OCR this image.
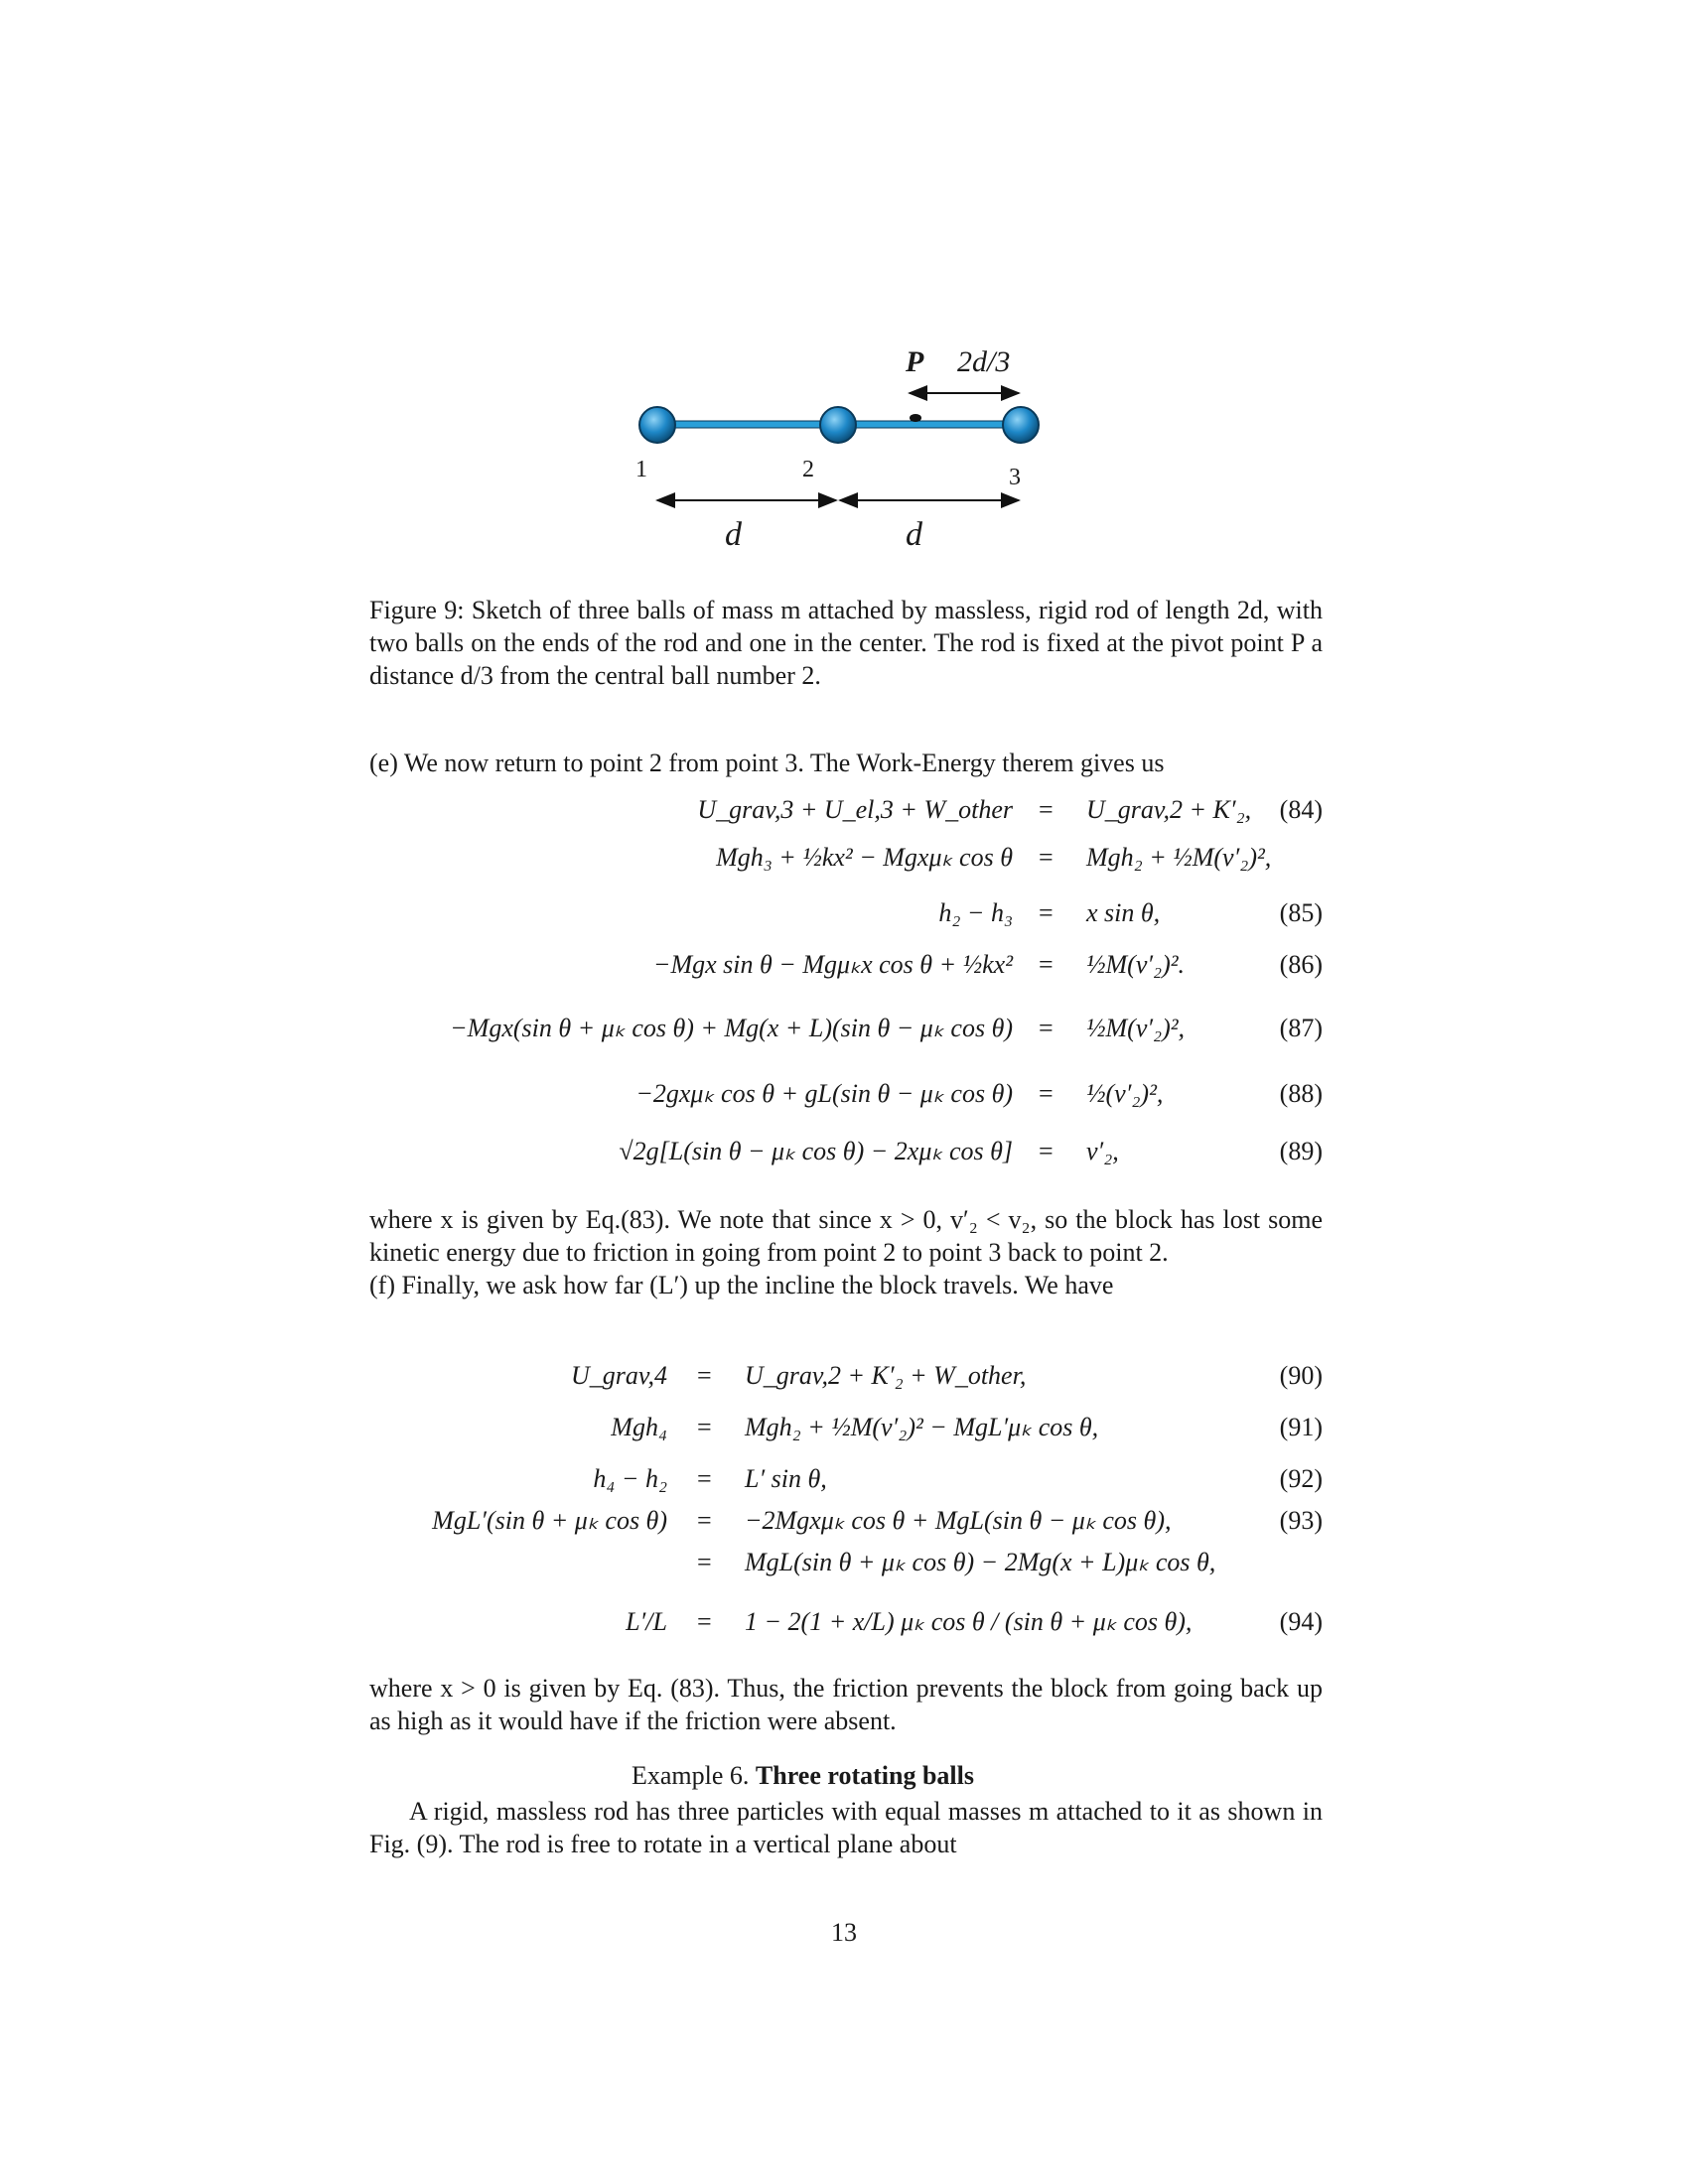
P 2d/3
1	2	3
d	d

Figure 9: Sketch of three balls of mass m attached by massless, rigid rod of length 2d, with two balls on the ends of the rod and one in the center. The rod is fixed at the pivot point P a distance d/3 from the central ball number 2.

(e) We now return to point 2 from point 3. The Work-Energy therem gives us

U_grav,3 + U_el,3 + W_other = U_grav,2 + K′₂, (84)
Mgh₃ + ½kx² − Mgxμₖ cos θ = Mgh₂ + ½M(v′₂)²,
h₂ − h₃ = x sin θ,	(85)
−Mgx sin θ − Mgμₖx cos θ + ½kx² = ½M(v′₂)².	(86)
−Mgx(sin θ + μₖ cos θ) + Mg(x + L)(sin θ − μₖ cos θ) = ½M(v′₂)²,	(87)
−2gxμₖ cos θ + gL(sin θ − μₖ cos θ) = ½(v′₂)²,	(88)
√2g[L(sin θ − μₖ cos θ) − 2xμₖ cos θ] = v′₂,	(89)

where x is given by Eq.(83). We note that since x > 0, v′₂ < v₂, so the block has lost some kinetic energy due to friction in going from point 2 to point 3 back to point 2.

(f) Finally, we ask how far (L′) up the incline the block travels. We have

U_grav,4 = U_grav,2 + K′₂ + W_other,	(90)
Mgh₄ = Mgh₂ + ½M(v′₂)² − MgL′μₖ cos θ,	(91)
h₄ − h₂ = L′ sin θ,	(92)
MgL′(sin θ + μₖ cos θ) = −2Mgxμₖ cos θ + MgL(sin θ − μₖ cos θ),	(93)
= MgL(sin θ + μₖ cos θ) − 2Mg(x + L)μₖ cos θ,
L′/L = 1 − 2(1 + x/L) μₖ cos θ / (sin θ + μₖ cos θ),	(94)

where x > 0 is given by Eq. (83). Thus, the friction prevents the block from going back up as high as it would have if the friction were absent.

Example 6. Three rotating balls

A rigid, massless rod has three particles with equal masses m attached to it as shown in Fig. (9). The rod is free to rotate in a vertical plane about

13
